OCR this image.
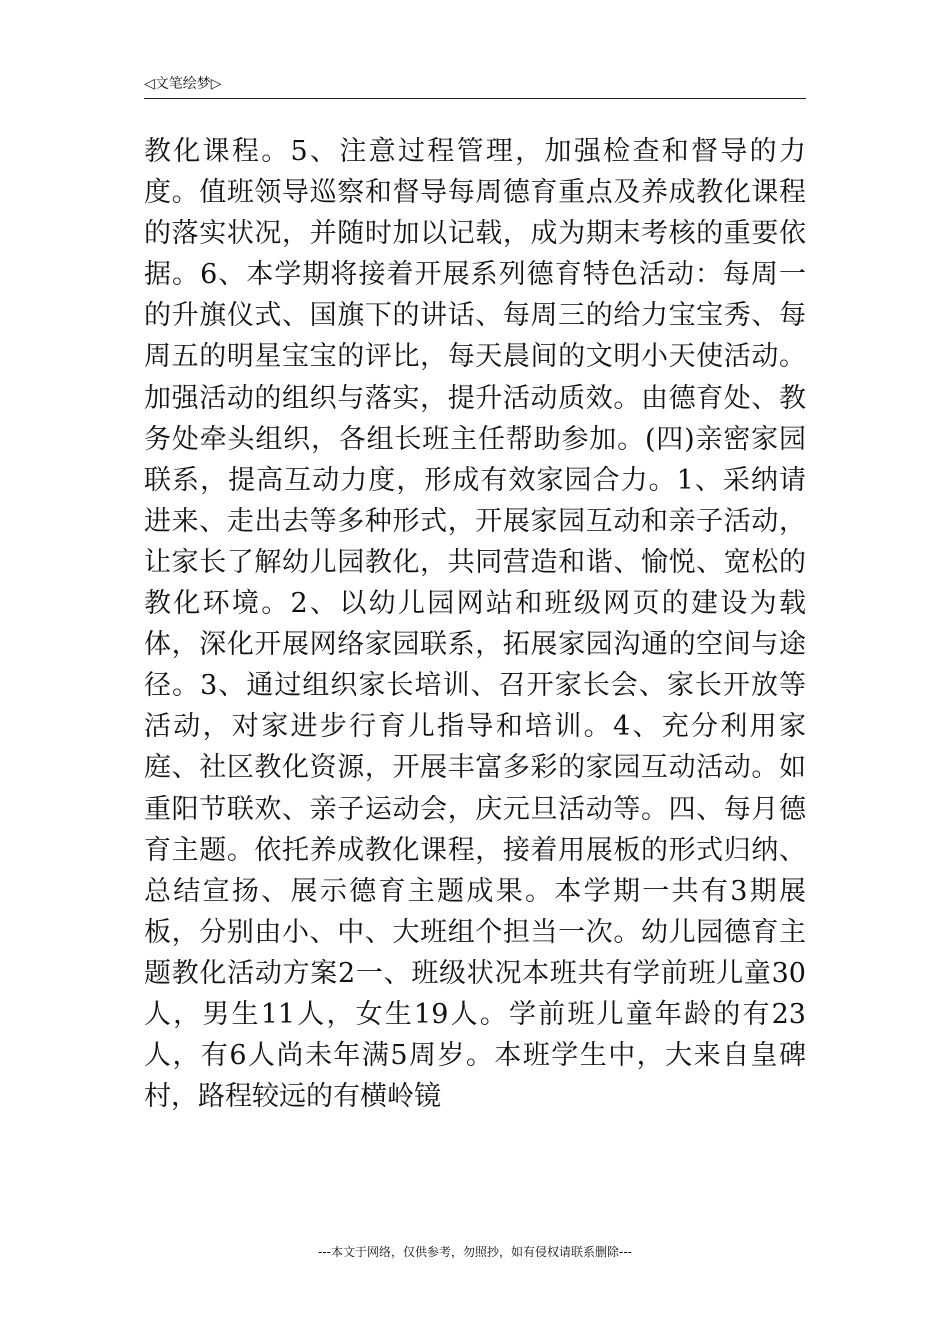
◁文笔绘梦▷

教化课程。5、注意过程管理，加强检查和督导的力度。值班领导巡察和督导每周德育重点及养成教化课程的落实状况，并随时加以记载，成为期末考核的重要依据。6、本学期将接着开展系列德育特色活动：每周一的升旗仪式、国旗下的讲话、每周三的给力宝宝秀、每周五的明星宝宝的评比，每天晨间的文明小天使活动。加强活动的组织与落实，提升活动质效。由德育处、教务处牵头组织，各组长班主任帮助参加。(四)亲密家园联系，提高互动力度，形成有效家园合力。1、采纳请进来、走出去等多种形式，开展家园互动和亲子活动，让家长了解幼儿园教化，共同营造和谐、愉悦、宽松的教化环境。2、以幼儿园网站和班级网页的建设为载体，深化开展网络家园联系，拓展家园沟通的空间与途径。3、通过组织家长培训、召开家长会、家长开放等活动，对家进步行育儿指导和培训。4、充分利用家庭、社区教化资源，开展丰富多彩的家园互动活动。如重阳节联欢、亲子运动会，庆元旦活动等。四、每月德育主题。依托养成教化课程，接着用展板的形式归纳、总结宣扬、展示德育主题成果。本学期一共有3期展板，分别由小、中、大班组个担当一次。幼儿园德育主题教化活动方案2一、班级状况本班共有学前班儿童30人，男生11人，女生19人。学前班儿童年龄的有23人，有6人尚未年满5周岁。本班学生中，大来自皇碑村，路程较远的有横岭镜

---本文于网络，仅供参考，勿照抄，如有侵权请联系删除---
